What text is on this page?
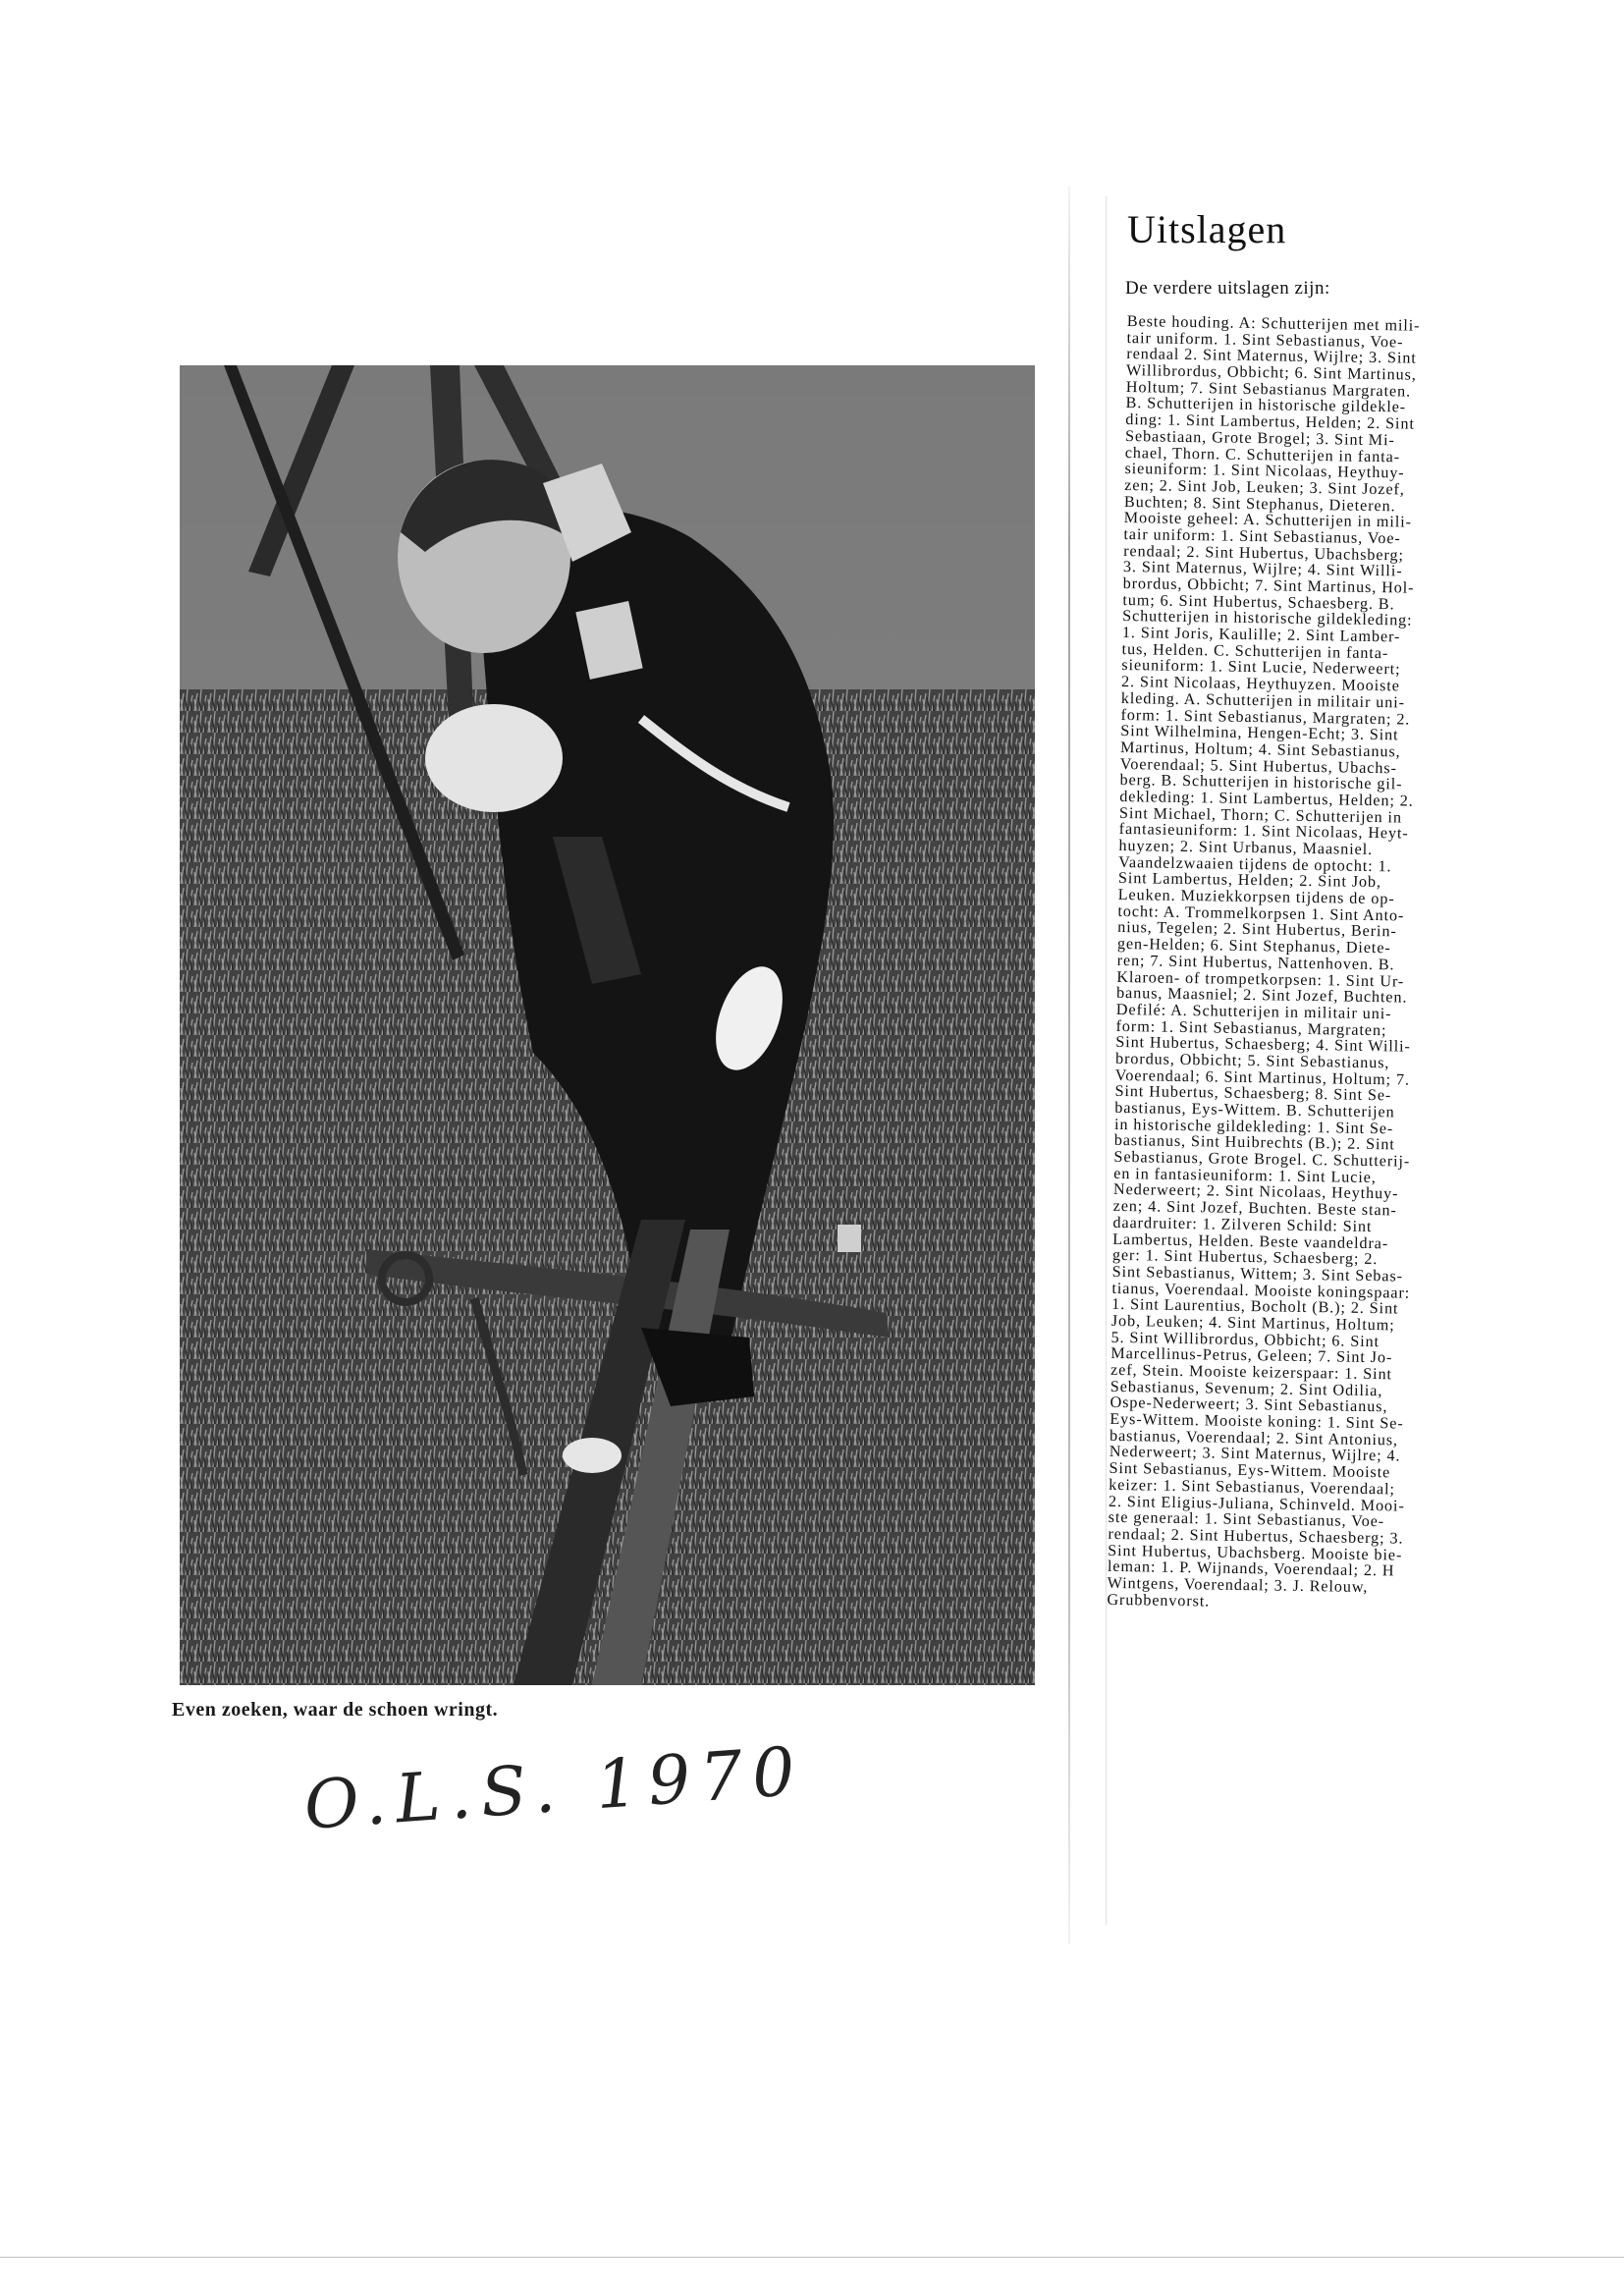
Even zoeken, waar de schoen wringt.
O.L.S. 1970
Uitslagen
De verdere uitslagen zijn:
Beste houding. A: Schutterijen met mili-
tair uniform. 1. Sint Sebastianus, Voe-
rendaal 2. Sint Maternus, Wijlre; 3. Sint
Willibrordus, Obbicht; 6. Sint Martinus,
Holtum; 7. Sint Sebastianus Margraten.
B. Schutterijen in historische gildekle-
ding: 1. Sint Lambertus, Helden; 2. Sint
Sebastiaan, Grote Brogel; 3. Sint Mi-
chael, Thorn. C. Schutterijen in fanta-
sieuniform: 1. Sint Nicolaas, Heythuy-
zen; 2. Sint Job, Leuken; 3. Sint Jozef,
Buchten; 8. Sint Stephanus, Dieteren.
Mooiste geheel: A. Schutterijen in mili-
tair uniform: 1. Sint Sebastianus, Voe-
rendaal; 2. Sint Hubertus, Ubachsberg;
3. Sint Maternus, Wijlre; 4. Sint Willi-
brordus, Obbicht; 7. Sint Martinus, Hol-
tum; 6. Sint Hubertus, Schaesberg. B.
Schutterijen in historische gildekleding:
1. Sint Joris, Kaulille; 2. Sint Lamber-
tus, Helden. C. Schutterijen in fanta-
sieuniform: 1. Sint Lucie, Nederweert;
2. Sint Nicolaas, Heythuyzen. Mooiste
kleding. A. Schutterijen in militair uni-
form: 1. Sint Sebastianus, Margraten; 2.
Sint Wilhelmina, Hengen-Echt; 3. Sint
Martinus, Holtum; 4. Sint Sebastianus,
Voerendaal; 5. Sint Hubertus, Ubachs-
berg. B. Schutterijen in historische gil-
dekleding: 1. Sint Lambertus, Helden; 2.
Sint Michael, Thorn; C. Schutterijen in
fantasieuniform: 1. Sint Nicolaas, Heyt-
huyzen; 2. Sint Urbanus, Maasniel.
Vaandelzwaaien tijdens de optocht: 1.
Sint Lambertus, Helden; 2. Sint Job,
Leuken. Muziekkorpsen tijdens de op-
tocht: A. Trommelkorpsen 1. Sint Anto-
nius, Tegelen; 2. Sint Hubertus, Berin-
gen-Helden; 6. Sint Stephanus, Diete-
ren; 7. Sint Hubertus, Nattenhoven. B.
Klaroen- of trompetkorpsen: 1. Sint Ur-
banus, Maasniel; 2. Sint Jozef, Buchten.
Defilé: A. Schutterijen in militair uni-
form: 1. Sint Sebastianus, Margraten;
Sint Hubertus, Schaesberg; 4. Sint Willi-
brordus, Obbicht; 5. Sint Sebastianus,
Voerendaal; 6. Sint Martinus, Holtum; 7.
Sint Hubertus, Schaesberg; 8. Sint Se-
bastianus, Eys-Wittem. B. Schutterijen
in historische gildekleding: 1. Sint Se-
bastianus, Sint Huibrechts (B.); 2. Sint
Sebastianus, Grote Brogel. C. Schutterij-
en in fantasieuniform: 1. Sint Lucie,
Nederweert; 2. Sint Nicolaas, Heythuy-
zen; 4. Sint Jozef, Buchten. Beste stan-
daardruiter: 1. Zilveren Schild: Sint
Lambertus, Helden. Beste vaandeldra-
ger: 1. Sint Hubertus, Schaesberg; 2.
Sint Sebastianus, Wittem; 3. Sint Sebas-
tianus, Voerendaal. Mooiste koningspaar:
1. Sint Laurentius, Bocholt (B.); 2. Sint
Job, Leuken; 4. Sint Martinus, Holtum;
5. Sint Willibrordus, Obbicht; 6. Sint
Marcellinus-Petrus, Geleen; 7. Sint Jo-
zef, Stein. Mooiste keizerspaar: 1. Sint
Sebastianus, Sevenum; 2. Sint Odilia,
Ospe-Nederweert; 3. Sint Sebastianus,
Eys-Wittem. Mooiste koning: 1. Sint Se-
bastianus, Voerendaal; 2. Sint Antonius,
Nederweert; 3. Sint Maternus, Wijlre; 4.
Sint Sebastianus, Eys-Wittem. Mooiste
keizer: 1. Sint Sebastianus, Voerendaal;
2. Sint Eligius-Juliana, Schinveld. Mooi-
ste generaal: 1. Sint Sebastianus, Voe-
rendaal; 2. Sint Hubertus, Schaesberg; 3.
Sint Hubertus, Ubachsberg. Mooiste bie-
leman: 1. P. Wijnands, Voerendaal; 2. H
Wintgens, Voerendaal; 3. J. Relouw,
Grubbenvorst.
